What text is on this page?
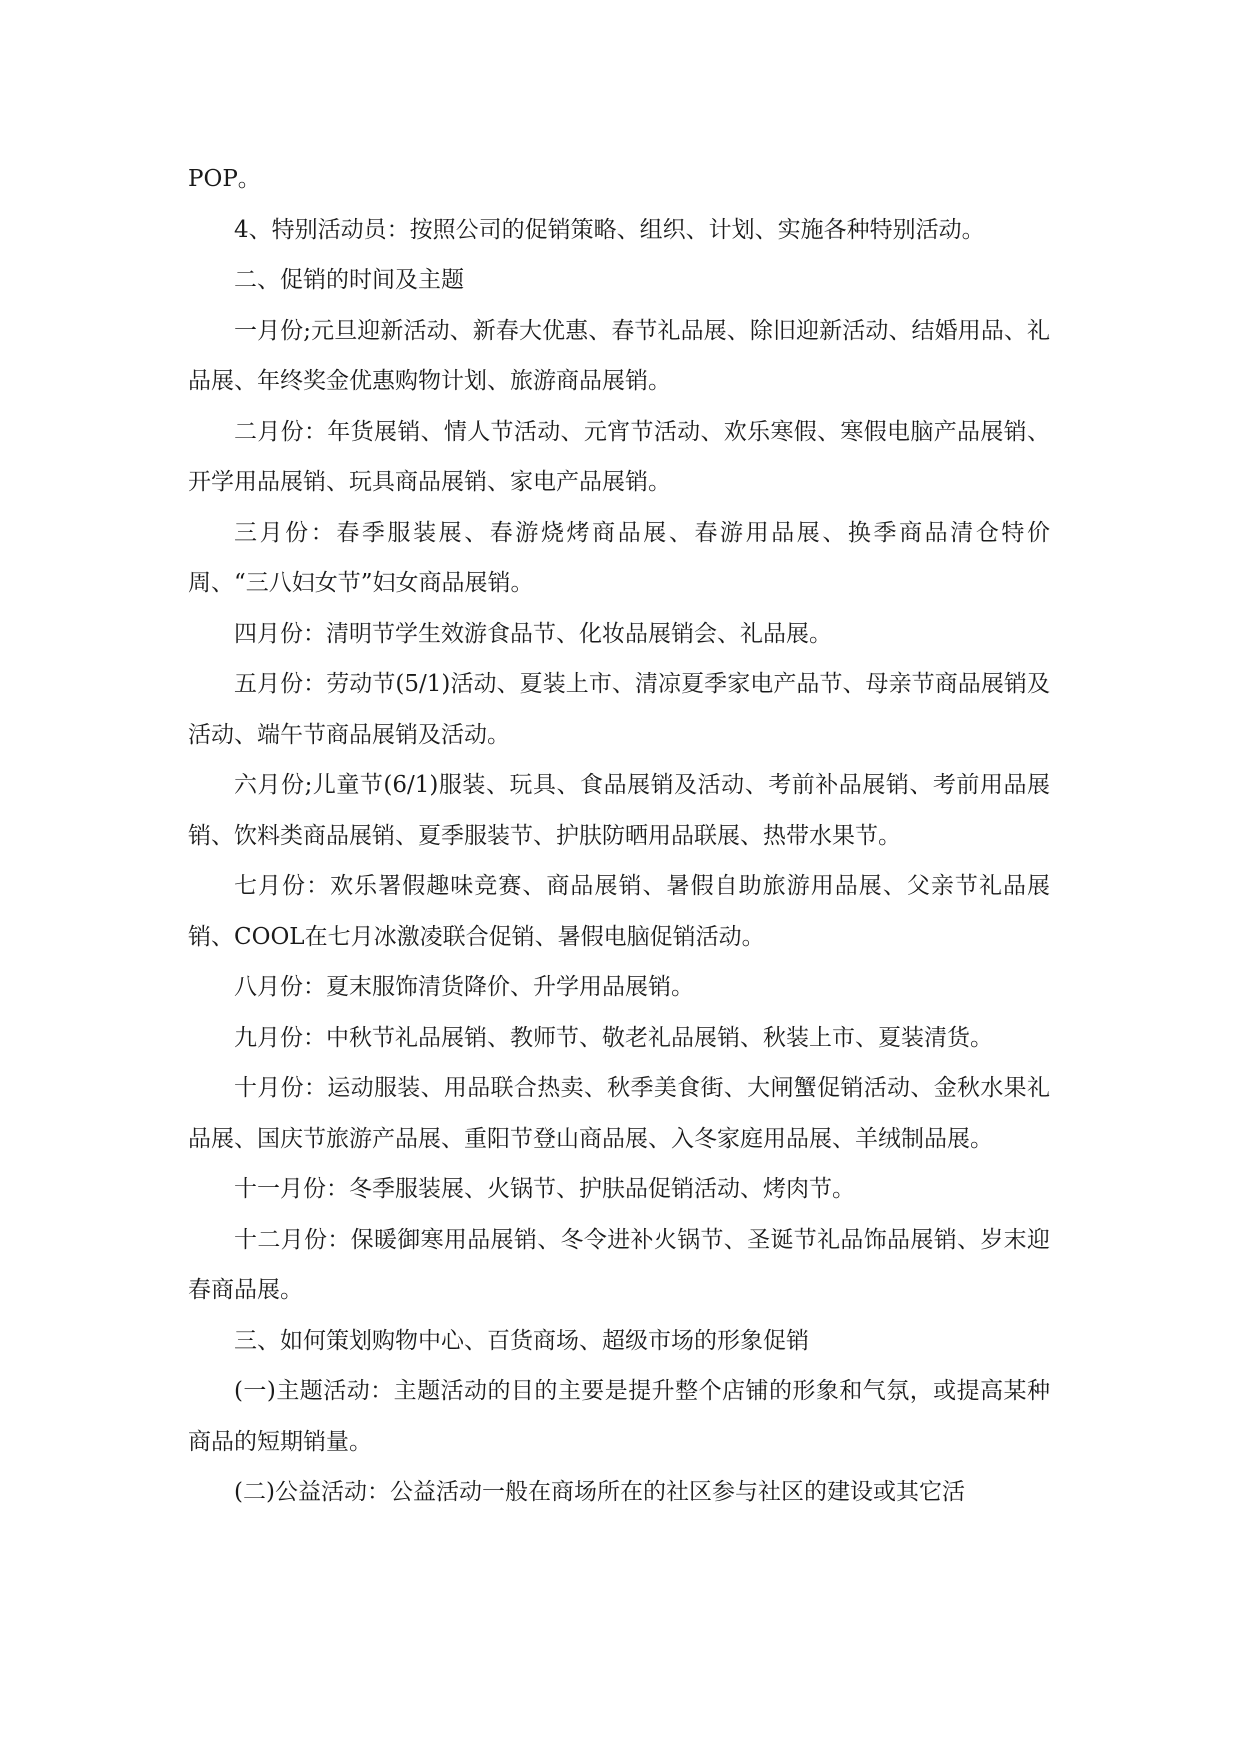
POP。

4、特别活动员：按照公司的促销策略、组织、计划、实施各种特别活动。

二、促销的时间及主题

一月份;元旦迎新活动、新春大优惠、春节礼品展、除旧迎新活动、结婚用品、礼品展、年终奖金优惠购物计划、旅游商品展销。

二月份：年货展销、情人节活动、元宵节活动、欢乐寒假、寒假电脑产品展销、开学用品展销、玩具商品展销、家电产品展销。

三月份：春季服装展、春游烧烤商品展、春游用品展、换季商品清仓特价周、“三八妇女节”妇女商品展销。

四月份：清明节学生效游食品节、化妆品展销会、礼品展。

五月份：劳动节(5/1)活动、夏装上市、清凉夏季家电产品节、母亲节商品展销及活动、端午节商品展销及活动。

六月份;儿童节(6/1)服装、玩具、食品展销及活动、考前补品展销、考前用品展销、饮料类商品展销、夏季服装节、护肤防晒用品联展、热带水果节。

七月份：欢乐署假趣味竞赛、商品展销、暑假自助旅游用品展、父亲节礼品展销、COOL在七月冰激凌联合促销、暑假电脑促销活动。

八月份：夏末服饰清货降价、升学用品展销。

九月份：中秋节礼品展销、教师节、敬老礼品展销、秋装上市、夏装清货。

十月份：运动服装、用品联合热卖、秋季美食街、大闸蟹促销活动、金秋水果礼品展、国庆节旅游产品展、重阳节登山商品展、入冬家庭用品展、羊绒制品展。

十一月份：冬季服装展、火锅节、护肤品促销活动、烤肉节。

十二月份：保暖御寒用品展销、冬令进补火锅节、圣诞节礼品饰品展销、岁末迎春商品展。

三、如何策划购物中心、百货商场、超级市场的形象促销

(一)主题活动：主题活动的目的主要是提升整个店铺的形象和气氛，或提高某种商品的短期销量。

(二)公益活动：公益活动一般在商场所在的社区参与社区的建设或其它活
